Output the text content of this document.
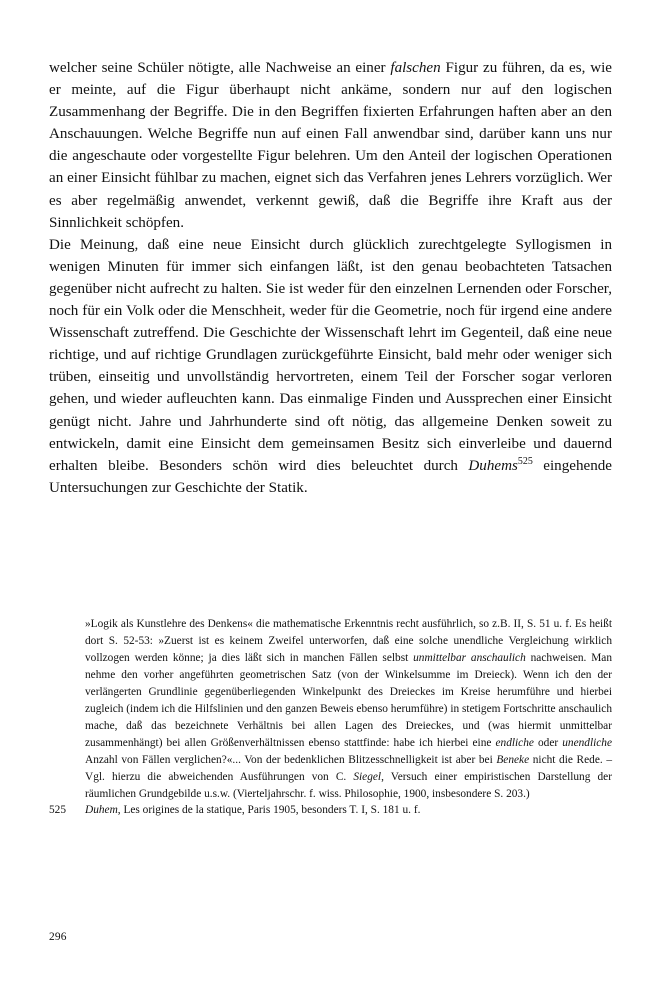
welcher seine Schüler nötigte, alle Nachweise an einer falschen Figur zu führen, da es, wie er meinte, auf die Figur überhaupt nicht ankäme, sondern nur auf den logischen Zusammenhang der Begriffe. Die in den Begriffen fixierten Erfahrungen haften aber an den Anschauungen. Welche Begriffe nun auf einen Fall anwendbar sind, darüber kann uns nur die angeschaute oder vorgestellte Figur belehren. Um den Anteil der logischen Operationen an einer Einsicht fühlbar zu machen, eignet sich das Verfahren jenes Lehrers vorzüglich. Wer es aber regelmäßig anwendet, verkennt gewiß, daß die Begriffe ihre Kraft aus der Sinnlichkeit schöpfen.

Die Meinung, daß eine neue Einsicht durch glücklich zurechtgelegte Syllogismen in wenigen Minuten für immer sich einfangen läßt, ist den genau beobachteten Tatsachen gegenüber nicht aufrecht zu halten. Sie ist weder für den einzelnen Lernenden oder Forscher, noch für ein Volk oder die Menschheit, weder für die Geometrie, noch für irgend eine andere Wissenschaft zutreffend. Die Geschichte der Wissenschaft lehrt im Gegenteil, daß eine neue richtige, und auf richtige Grundlagen zurückgeführte Einsicht, bald mehr oder weniger sich trüben, einseitig und unvollständig hervortreten, einem Teil der Forscher sogar verloren gehen, und wieder aufleuchten kann. Das einmalige Finden und Aussprechen einer Einsicht genügt nicht. Jahre und Jahrhunderte sind oft nötig, das allgemeine Denken soweit zu entwickeln, damit eine Einsicht dem gemeinsamen Besitz sich einverleibe und dauernd erhalten bleibe. Besonders schön wird dies beleuchtet durch Duhems$^{525}$ eingehende Untersuchungen zur Geschichte der Statik.

»Logik als Kunstlehre des Denkens« die mathematische Erkenntnis recht ausführlich, so z.B. II, S. 51 u. f. Es heißt dort S. 52-53: »Zuerst ist es keinem Zweifel unterworfen, daß eine solche unendliche Vergleichung wirklich vollzogen werden könne; ja dies läßt sich in manchen Fällen selbst unmittelbar anschaulich nachweisen. Man nehme den vorher angeführten geometrischen Satz (von der Winkelsumme im Dreieck). Wenn ich den der verlängerten Grundlinie gegenüberliegenden Winkelpunkt des Dreieckes im Kreise herumführe und hierbei zugleich (indem ich die Hilfslinien und den ganzen Beweis ebenso herumführe) in stetigem Fortschritte anschaulich mache, daß das bezeichnete Verhältnis bei allen Lagen des Dreieckes, und (was hiermit unmittelbar zusammenhängt) bei allen Größenverhältnissen ebenso stattfinde: habe ich hierbei eine endliche oder unendliche Anzahl von Fällen verglichen?«... Von der bedenklichen Blitzesschnelligkeit ist aber bei Beneke nicht die Rede. – Vgl. hierzu die abweichenden Ausführungen von C. Siegel, Versuch einer empiristischen Darstellung der räumlichen Grundgebilde u.s.w. (Vierteljahrschr. f. wiss. Philosophie, 1900, insbesondere S. 203.)
525	Duhem, Les origines de la statique, Paris 1905, besonders T. I, S. 181 u. f.
296
